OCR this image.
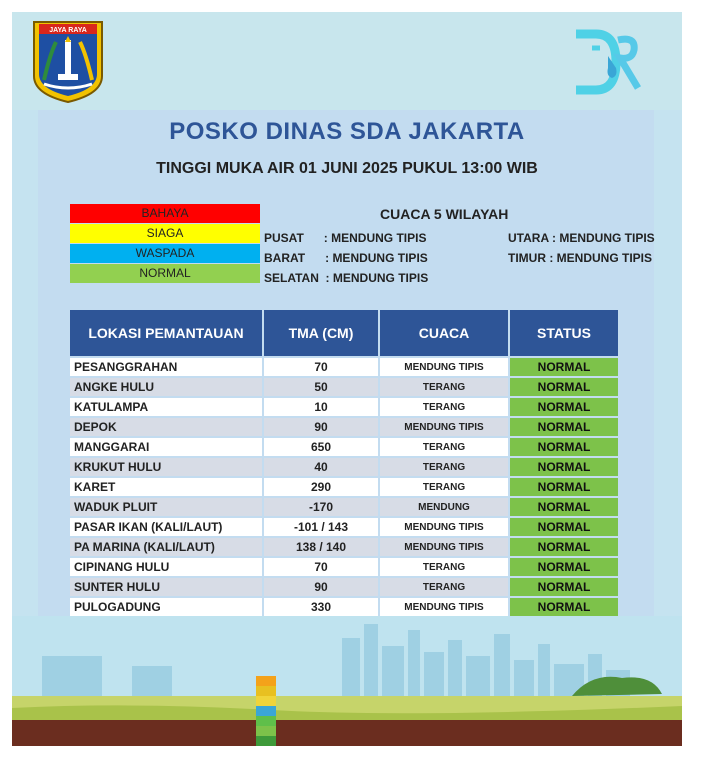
JAYA RAYA
DSDA
POSKO DINAS SDA JAKARTA
TINGGI MUKA AIR 01 JUNI 2025 PUKUL 13:00 WIB
BAHAYA
SIAGA
WASPADA
NORMAL
CUACA 5 WILAYAH
PUSAT      : MENDUNG TIPIS
BARAT      : MENDUNG TIPIS
SELATAN  : MENDUNG TIPIS
UTARA : MENDUNG TIPIS
TIMUR : MENDUNG TIPIS
LOKASI PEMANTAUAN	TMA (CM)	CUACA	STATUS
PESANGGRAHAN	70	MENDUNG TIPIS	NORMAL
ANGKE HULU	50	TERANG	NORMAL
KATULAMPA	10	TERANG	NORMAL
DEPOK	90	MENDUNG TIPIS	NORMAL
MANGGARAI	650	TERANG	NORMAL
KRUKUT HULU	40	TERANG	NORMAL
KARET	290	TERANG	NORMAL
WADUK PLUIT	-170	MENDUNG	NORMAL
PASAR IKAN (KALI/LAUT)	-101 / 143	MENDUNG TIPIS	NORMAL
PA MARINA (KALI/LAUT)	138 / 140	MENDUNG TIPIS	NORMAL
CIPINANG HULU	70	TERANG	NORMAL
SUNTER HULU	90	TERANG	NORMAL
PULOGADUNG	330	MENDUNG TIPIS	NORMAL
